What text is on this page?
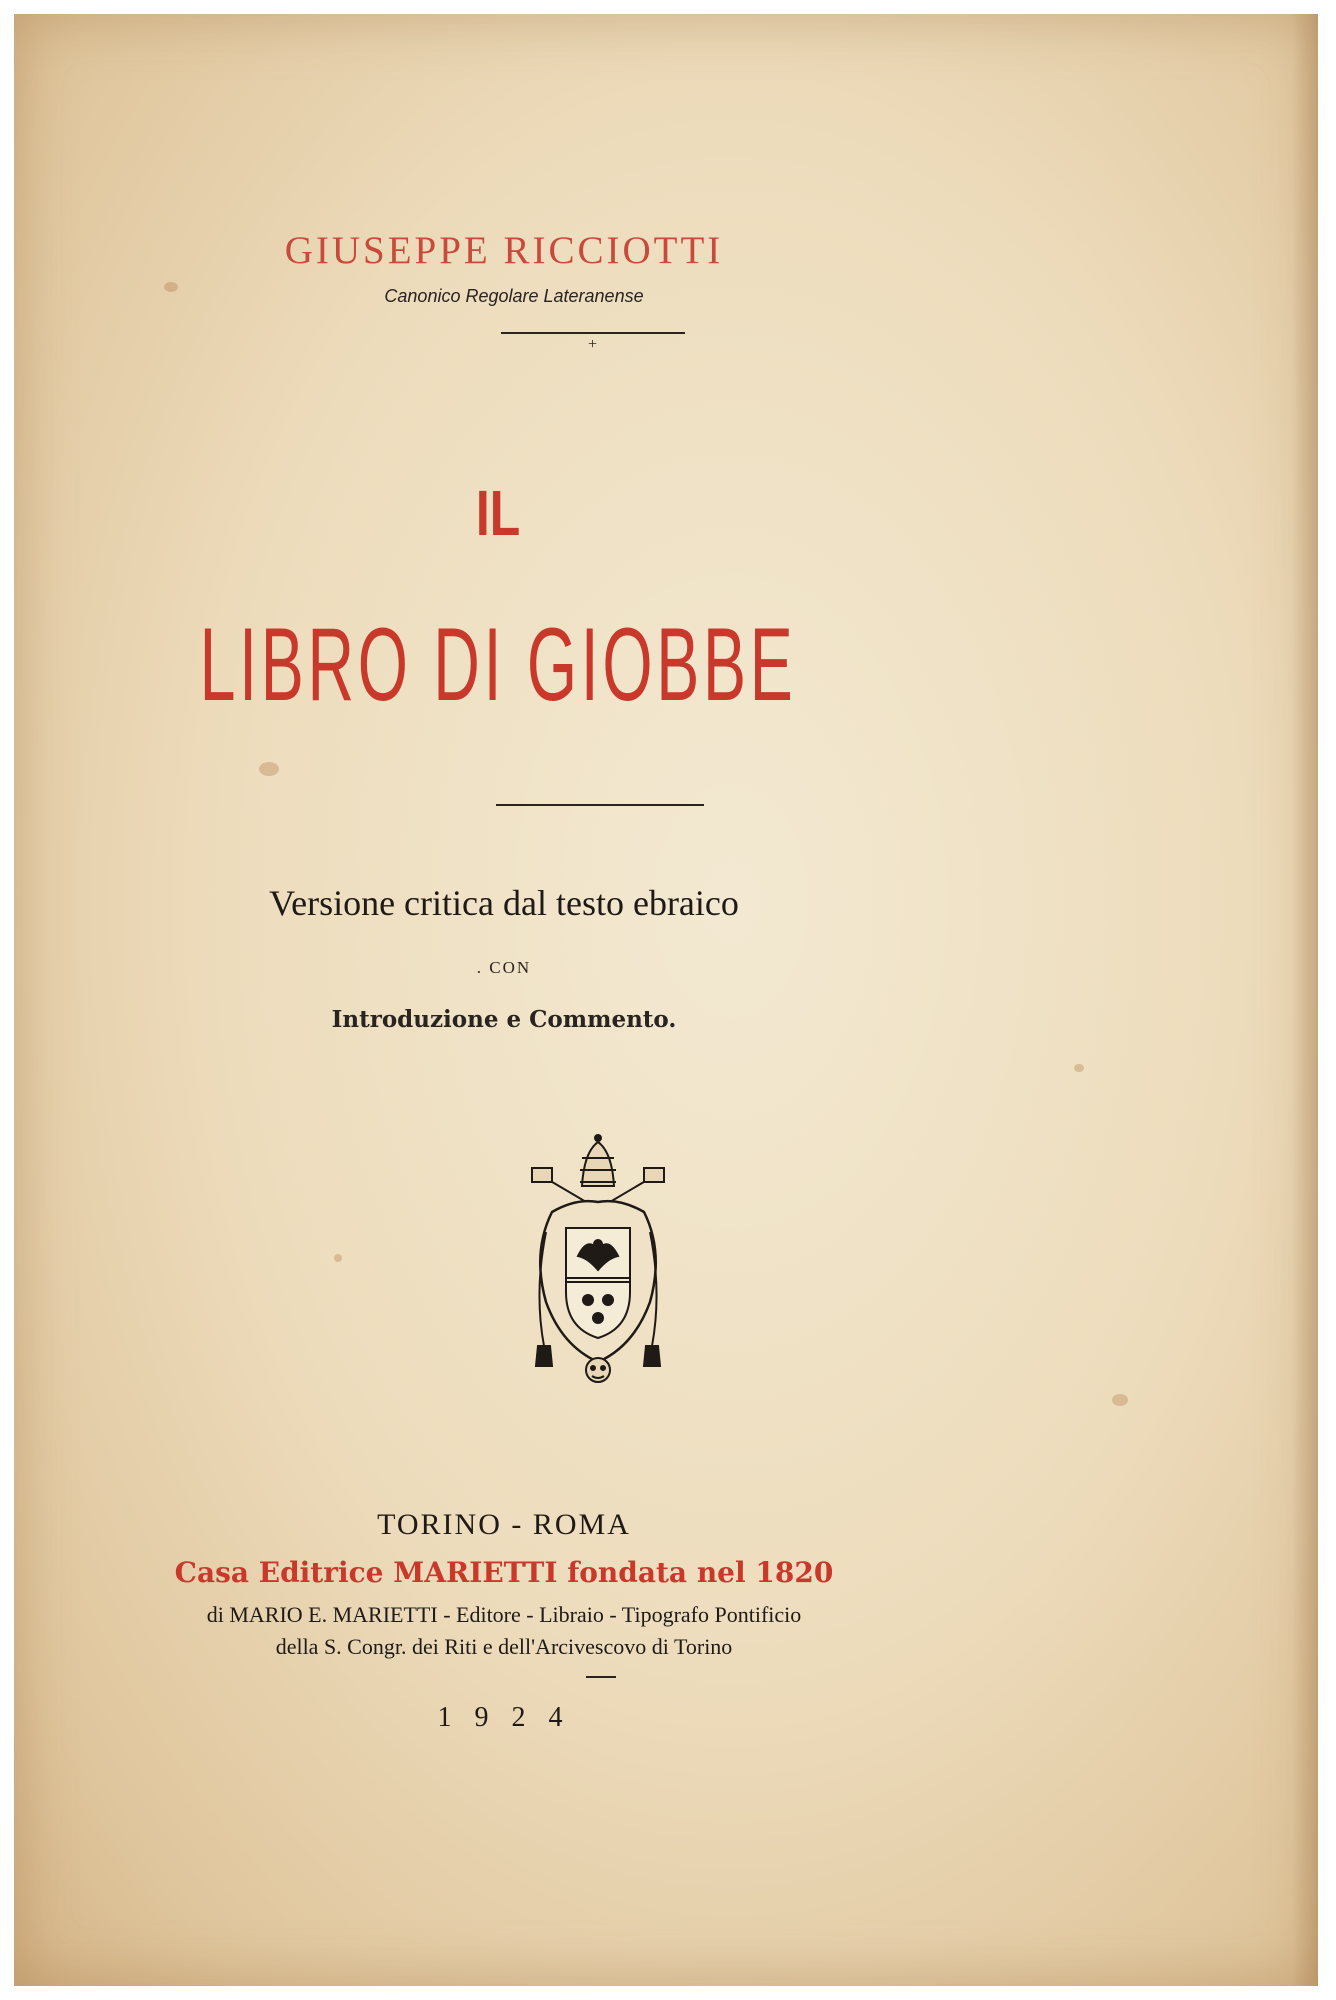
GIUSEPPE RICCIOTTI
Canonico Regolare Lateranense
+
IL
LIBRO DI GIOBBE
Versione critica dal testo ebraico
. CON
Introduzione e Commento.
TORINO - ROMA
Casa Editrice MARIETTI fondata nel 1820
di MARIO E. MARIETTI - Editore - Libraio - Tipografo Pontificio
della S. Congr. dei Riti e dell'Arcivescovo di Torino
1 9 2 4
